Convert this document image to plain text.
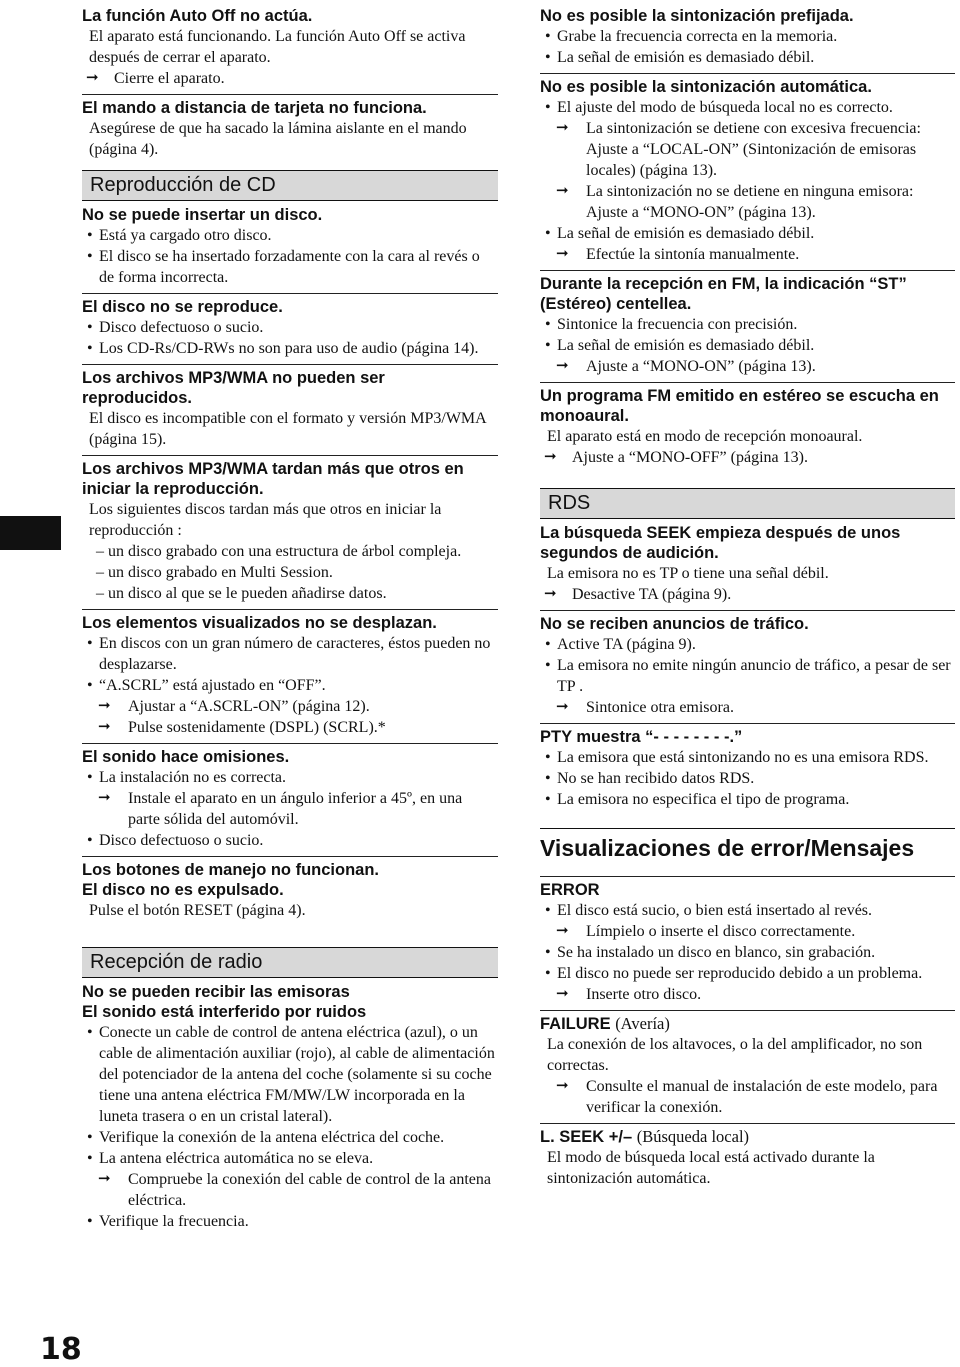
18
La función Auto Off no actúa.
El aparato está funcionando. La función Auto Off se activa después de cerrar el aparato.
➞ Cierre el aparato.
El mando a distancia de tarjeta no funciona.
Asegúrese de que ha sacado la lámina aislante en el mando (página 4).
Reproducción de CD
No se puede insertar un disco.
• Está ya cargado otro disco.
• El disco se ha insertado forzadamente con la cara al revés o de forma incorrecta.
El disco no se reproduce.
• Disco defectuoso o sucio.
• Los CD-Rs/CD-RWs no son para uso de audio (página 14).
Los archivos MP3/WMA no pueden ser reproducidos.
El disco es incompatible con el formato y versión MP3/WMA (página 15).
Los archivos MP3/WMA tardan más que otros en iniciar la reproducción.
Los siguientes discos tardan más que otros en iniciar la reproducción :
– un disco grabado con una estructura de árbol compleja.
– un disco grabado en Multi Session.
– un disco al que se le pueden añadirse datos.
Los elementos visualizados no se desplazan.
• En discos con un gran número de caracteres, éstos pueden no desplazarse.
• “A.SCRL” está ajustado en “OFF”.
➞ Ajustar a “A.SCRL-ON” (página 12).
➞ Pulse sostenidamente (DSPL) (SCRL).*
El sonido hace omisiones.
• La instalación no es correcta.
➞ Instale el aparato en un ángulo inferior a 45º, en una parte sólida del automóvil.
• Disco defectuoso o sucio.
Los botones de manejo no funcionan.
El disco no es expulsado.
Pulse el botón RESET (página 4).
Recepción de radio
No se pueden recibir las emisoras
El sonido está interferido por ruidos
• Conecte un cable de control de antena eléctrica (azul), o un cable de alimentación auxiliar (rojo), al cable de alimentación del potenciador de la antena del coche (solamente si su coche tiene una antena eléctrica FM/MW/LW incorporada en la luneta trasera o en un cristal lateral).
• Verifique la conexión de la antena eléctrica del coche.
• La antena eléctrica automática no se eleva.
➞ Compruebe la conexión del cable de control de la antena eléctrica.
• Verifique la frecuencia.
No es posible la sintonización prefijada.
• Grabe la frecuencia correcta en la memoria.
• La señal de emisión es demasiado débil.
No es posible la sintonización automática.
• El ajuste del modo de búsqueda local no es correcto.
➞ La sintonización se detiene con excesiva frecuencia:
Ajuste a “LOCAL-ON” (Sintonización de emisoras locales) (página 13).
➞ La sintonización no se detiene en ninguna emisora:
Ajuste a “MONO-ON” (página 13).
• La señal de emisión es demasiado débil.
➞ Efectúe la sintonía manualmente.
Durante la recepción en FM, la indicación “ST” (Estéreo) centellea.
• Sintonice la frecuencia con precisión.
• La señal de emisión es demasiado débil.
➞ Ajuste a “MONO-ON” (página 13).
Un programa FM emitido en estéreo se escucha en monoaural.
El aparato está en modo de recepción monoaural.
➞ Ajuste a “MONO-OFF” (página 13).
RDS
La búsqueda SEEK empieza después de unos segundos de audición.
La emisora no es TP o tiene una señal débil.
➞ Desactive TA (página 9).
No se reciben anuncios de tráfico.
• Active TA (página 9).
• La emisora no emite ningún anuncio de tráfico, a pesar de ser TP .
➞ Sintonice otra emisora.
PTY muestra “- - - - - - - -.”
• La emisora que está sintonizando no es una emisora RDS.
• No se han recibido datos RDS.
• La emisora no especifica el tipo de programa.
Visualizaciones de error/Mensajes
ERROR
• El disco está sucio, o bien está insertado al revés.
➞ Límpielo o inserte el disco correctamente.
• Se ha instalado un disco en blanco, sin grabación.
• El disco no puede ser reproducido debido a un problema.
➞ Inserte otro disco.
FAILURE (Avería)
La conexión de los altavoces, o la del amplificador, no son correctas.
➞ Consulte el manual de instalación de este modelo, para verificar la conexión.
L. SEEK +/– (Búsqueda local)
El modo de búsqueda local está activado durante la sintonización automática.
